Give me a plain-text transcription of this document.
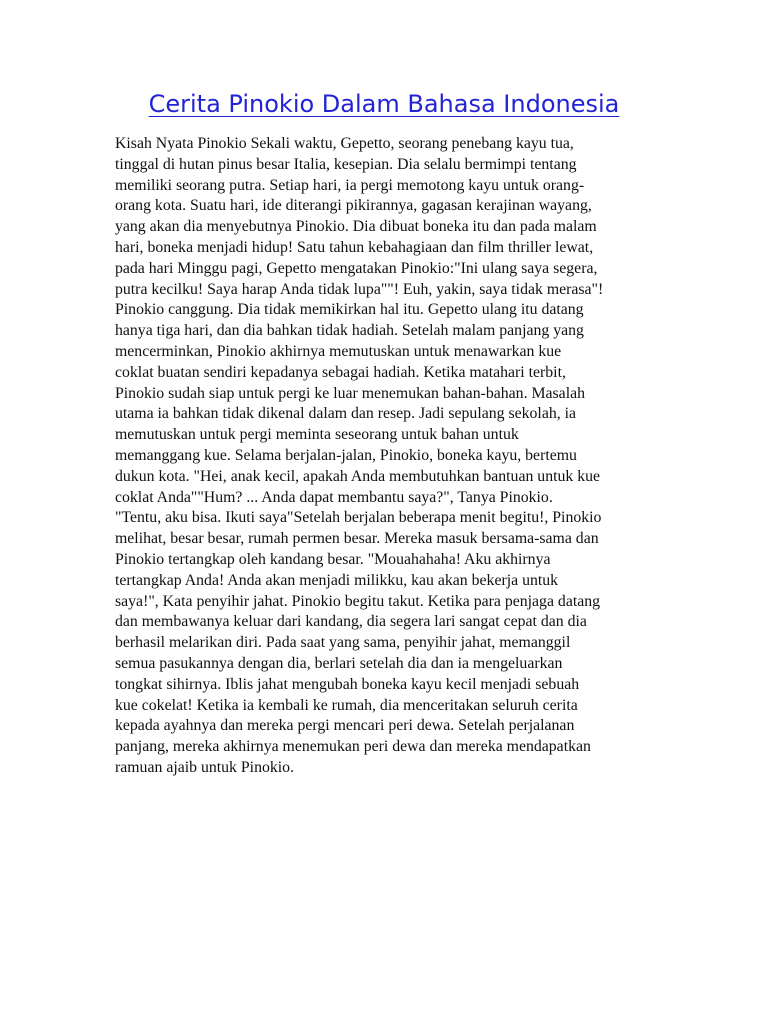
Cerita Pinokio Dalam Bahasa Indonesia

Kisah Nyata Pinokio Sekali waktu, Gepetto, seorang penebang kayu tua,
tinggal di hutan pinus besar Italia, kesepian. Dia selalu bermimpi tentang
memiliki seorang putra. Setiap hari, ia pergi memotong kayu untuk orang-
orang kota. Suatu hari, ide diterangi pikirannya, gagasan kerajinan wayang,
yang akan dia menyebutnya Pinokio. Dia dibuat boneka itu dan pada malam
hari, boneka menjadi hidup! Satu tahun kebahagiaan dan film thriller lewat,
pada hari Minggu pagi, Gepetto mengatakan Pinokio:"Ini ulang saya segera,
putra kecilku! Saya harap Anda tidak lupa""! Euh, yakin, saya tidak merasa"!
Pinokio canggung. Dia tidak memikirkan hal itu. Gepetto ulang itu datang
hanya tiga hari, dan dia bahkan tidak hadiah. Setelah malam panjang yang
mencerminkan, Pinokio akhirnya memutuskan untuk menawarkan kue
coklat buatan sendiri kepadanya sebagai hadiah. Ketika matahari terbit,
Pinokio sudah siap untuk pergi ke luar menemukan bahan-bahan. Masalah
utama ia bahkan tidak dikenal dalam dan resep. Jadi sepulang sekolah, ia
memutuskan untuk pergi meminta seseorang untuk bahan untuk
memanggang kue. Selama berjalan-jalan, Pinokio, boneka kayu, bertemu
dukun kota. "Hei, anak kecil, apakah Anda membutuhkan bantuan untuk kue
coklat Anda""Hum? ... Anda dapat membantu saya?", Tanya Pinokio.
"Tentu, aku bisa. Ikuti saya"Setelah berjalan beberapa menit begitu!, Pinokio
melihat, besar besar, rumah permen besar. Mereka masuk bersama-sama dan
Pinokio tertangkap oleh kandang besar. "Mouahahaha! Aku akhirnya
tertangkap Anda! Anda akan menjadi milikku, kau akan bekerja untuk
saya!", Kata penyihir jahat. Pinokio begitu takut. Ketika para penjaga datang
dan membawanya keluar dari kandang, dia segera lari sangat cepat dan dia
berhasil melarikan diri. Pada saat yang sama, penyihir jahat, memanggil
semua pasukannya dengan dia, berlari setelah dia dan ia mengeluarkan
tongkat sihirnya. Iblis jahat mengubah boneka kayu kecil menjadi sebuah
kue cokelat! Ketika ia kembali ke rumah, dia menceritakan seluruh cerita
kepada ayahnya dan mereka pergi mencari peri dewa. Setelah perjalanan
panjang, mereka akhirnya menemukan peri dewa dan mereka mendapatkan
ramuan ajaib untuk Pinokio.
